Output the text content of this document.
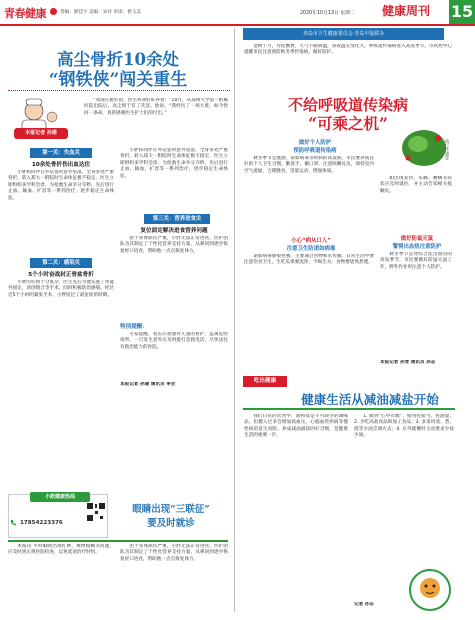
青春健康	责编：郭佳宇 美编：宋祥 审读：侯玉美	2020年10月13日 星期二 健康周刊 15
高尘骨折10余处
“钢铁侠”闯关重生
本报记者 孙建

“我现在挺好的，医生叫我好好养着！”10月，从郑州大学第一附属医院出院后，高尘终于有了笑容。他说，“我经历了一场大难，如今捡回一条命，真的感谢医生护士们的付出。”

第一关：失血关
10余处骨折伤出血达住

小胖和同伴在外玩耍时意外坠落，全身多处严重骨折，转入郑大一附院时生命体征极不稳定。医生立即组织多学科会诊，为抢救生命争分夺秒，先后进行止血、输血、扩容等一系列治疗，逐步稳定生命体征。

第二关：感染关
5个小时奋战封正骨盆骨折

小胖的伤情十分复杂，医生先后为他实施了骨盆外固定、清创缝合等手术，同时积极防治感染。经过近5个小时的紧张手术，小胖度过了最危险的时期。

小胖和同伴在外玩耍时意外坠落，全身多处严重骨折，转入郑大一附院时生命体征极不稳定。医生立即组织多学科会诊，为抢救生命争分夺秒，先后进行止血、输血、扩容等一系列治疗，逐步稳定生命体征。

第三关：营养进食关
复位面定解决进食营养问题

由于身体损伤严重，小胖无法正常进食。医护团队为其制定了个性化营养支持方案，从鼻饲到逐步恢复经口进食，帮助他一点点恢复体力。

特别提醒：

专家提醒，家长应加强对儿童的看护，远离危险场所，一旦发生意外应及时拨打急救电话，尽快送往有救治能力的医院。

本报记者 孙建 通讯员 李会
小欧健康热线
17854223376
眼睛出现“三联征”
要及时就诊

本报讯 平时眼睛出现红肿、视物模糊等问题，应及时到正规医院检查，以免延误治疗时机。

由于身体损伤严重，小胖无法正常进食。医护团队为其制定了个性化营养支持方案，从鼻饲到逐步恢复经口进食，帮助他一点点恢复体力。

青岛市卫生健康委员会·青岛早报联办

金秋十月，丹桂飘香，天气不断降温，昼夜温差变化大，呼吸道传染病进入高发季节。市疾控中心提醒市民注意预防秋冬季传染病，做好防护。

不给呼吸道传染病
“可乘之机”
做好个人防护
预防呼吸道传染病

秋冬季节是流感、诺如病毒等疾病的高发期，市民要养成良好的个人卫生习惯，勤洗手、戴口罩，注意咳嗽礼仪，保持室内空气流通，合理膳食，适量运动，增强体质。

小心“病从口入”
注意卫生防诺如病毒

诺如病毒感染性强，主要通过食物和水传播。日常生活中要注意饮食卫生，生吃瓜果要洗净，不喝生水，食物要烧熟煮透。

流行性感冒
做好防鼠灭鼠
警惕出血热注意防护

如出现发热、头痛、腰痛等症状应及时就医，并主动告知相关接触史。

秋冬季节是肾综合征出血热的高发季节，市民要做好防鼠灭鼠工作，野外作业时注意个人防护。

本报记者 孙青 通讯员 孙志
吃出健康
健康生活从减油减盐开始

我们日常的饮食中，油和盐是不可缺少的调味品，但摄入过多会增加高血压、心脑血管疾病等慢性病的发生风险。养成减油减盐的好习惯，是健康生活的重要一步。

1. 做到“心中有数”，使用控盐勺、控油壶；2. 少吃高盐食品和加工食品；3. 多采用蒸、煮、炖等少油烹调方式；4. 在外就餐时主动要求少盐少油。

记者 孙志
